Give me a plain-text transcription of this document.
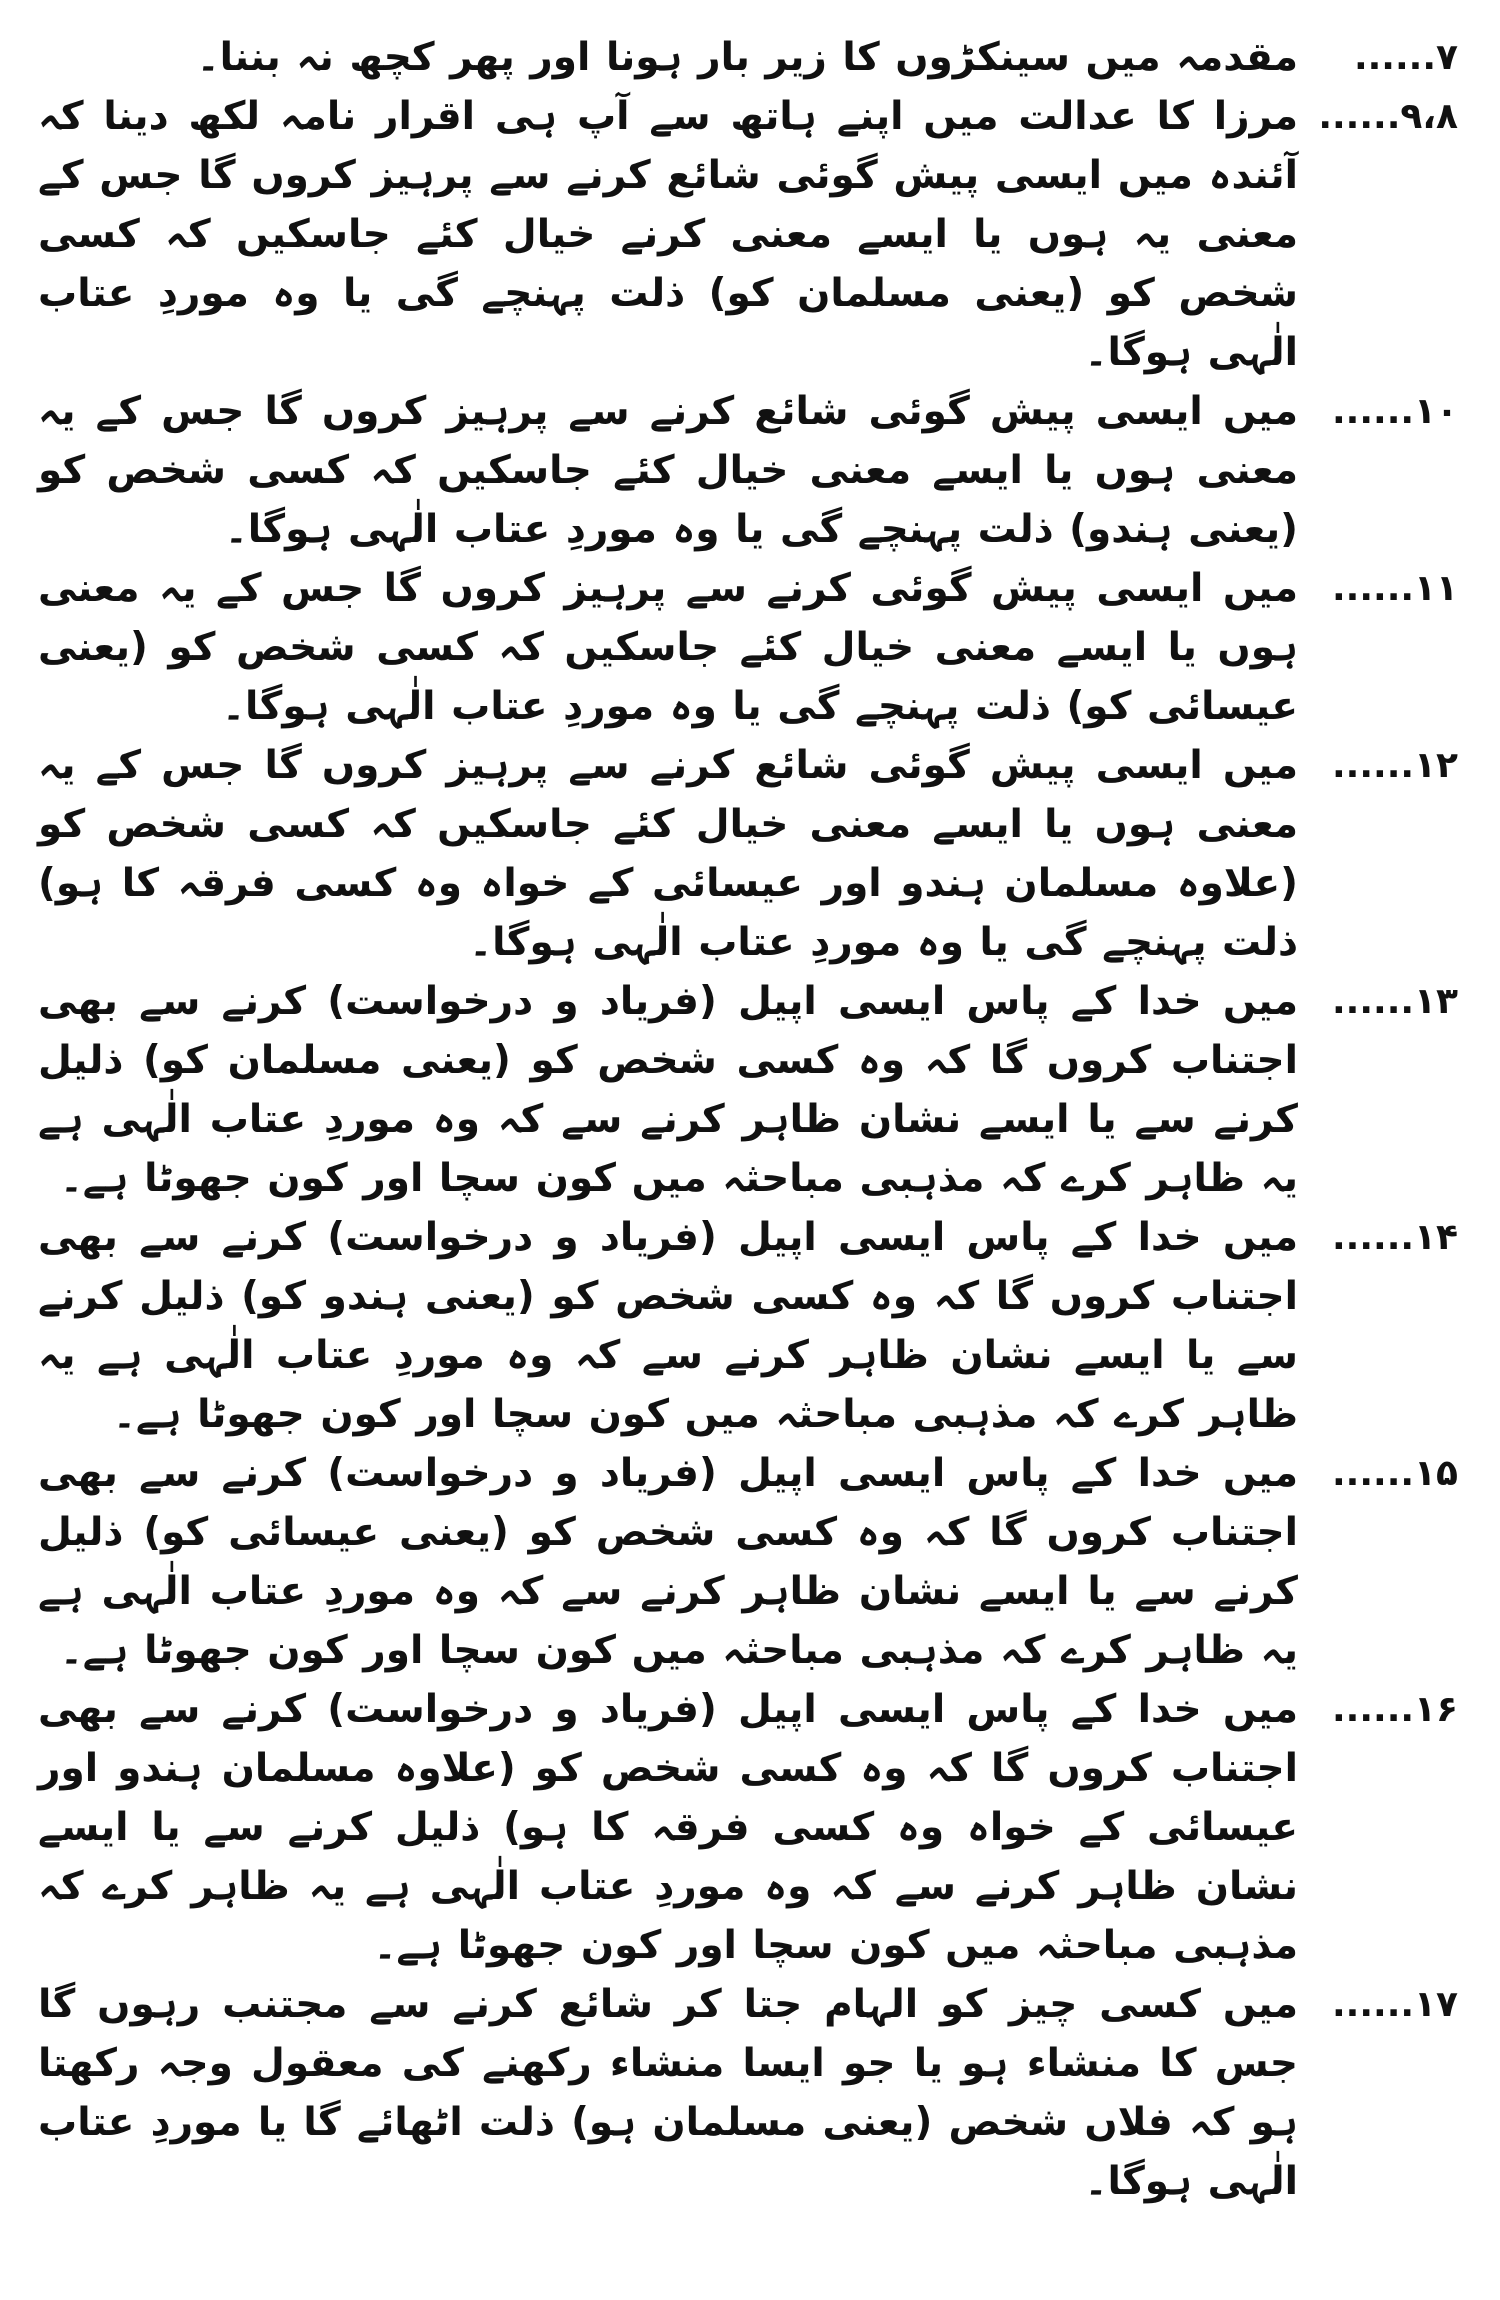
مقدمہ میں سینکڑوں کا زیر بار ہونا اور پھر کچھ نہ بننا۔	۷......
مرزا کا عدالت میں اپنے ہاتھ سے آپ ہی اقرار نامہ لکھ دینا کہ آئندہ میں ایسی پیش گوئی شائع کرنے سے پرہیز کروں گا جس کے معنی یہ ہوں یا ایسے معنی کرنے خیال کئے جاسکیں کہ کسی شخص کو (یعنی مسلمان کو) ذلت پہنچے گی یا وہ موردِ عتاب الٰہی ہوگا۔
۹،۸......
میں ایسی پیش گوئی شائع کرنے سے پرہیز کروں گا جس کے یہ معنی ہوں یا ایسے معنی خیال کئے جاسکیں کہ کسی شخص کو (یعنی ہندو) ذلت پہنچے گی یا وہ موردِ عتاب الٰہی ہوگا۔
۱۰......
میں ایسی پیش گوئی کرنے سے پرہیز کروں گا جس کے یہ معنی ہوں یا ایسے معنی خیال کئے جاسکیں کہ کسی شخص کو (یعنی عیسائی کو) ذلت پہنچے گی یا وہ موردِ عتاب الٰہی ہوگا۔
۱۱......
میں ایسی پیش گوئی شائع کرنے سے پرہیز کروں گا جس کے یہ معنی ہوں یا ایسے معنی خیال کئے جاسکیں کہ کسی شخص کو (علاوہ مسلمان ہندو اور عیسائی کے خواہ وہ کسی فرقہ کا ہو) ذلت پہنچے گی یا وہ موردِ عتاب الٰہی ہوگا۔
۱۲......
میں خدا کے پاس ایسی اپیل (فریاد و درخواست) کرنے سے بھی اجتناب کروں گا کہ وہ کسی شخص کو (یعنی مسلمان کو) ذلیل کرنے سے یا ایسے نشان ظاہر کرنے سے کہ وہ موردِ عتاب الٰہی ہے یہ ظاہر کرے کہ مذہبی مباحثہ میں کون سچا اور کون جھوٹا ہے۔
۱۳......
میں خدا کے پاس ایسی اپیل (فریاد و درخواست) کرنے سے بھی اجتناب کروں گا کہ وہ کسی شخص کو (یعنی ہندو کو) ذلیل کرنے سے یا ایسے نشان ظاہر کرنے سے کہ وہ موردِ عتاب الٰہی ہے یہ ظاہر کرے کہ مذہبی مباحثہ میں کون سچا اور کون جھوٹا ہے۔
۱۴......
میں خدا کے پاس ایسی اپیل (فریاد و درخواست) کرنے سے بھی اجتناب کروں گا کہ وہ کسی شخص کو (یعنی عیسائی کو) ذلیل کرنے سے یا ایسے نشان ظاہر کرنے سے کہ وہ موردِ عتاب الٰہی ہے یہ ظاہر کرے کہ مذہبی مباحثہ میں کون سچا اور کون جھوٹا ہے۔
۱۵......
میں خدا کے پاس ایسی اپیل (فریاد و درخواست) کرنے سے بھی اجتناب کروں گا کہ وہ کسی شخص کو (علاوہ مسلمان ہندو اور عیسائی کے خواہ وہ کسی فرقہ کا ہو) ذلیل کرنے سے یا ایسے نشان ظاہر کرنے سے کہ وہ موردِ عتاب الٰہی ہے یہ ظاہر کرے کہ مذہبی مباحثہ میں کون سچا اور کون جھوٹا ہے۔
۱۶......
میں کسی چیز کو الہام جتا کر شائع کرنے سے مجتنب رہوں گا جس کا منشاء ہو یا جو ایسا منشاء رکھنے کی معقول وجہ رکھتا ہو کہ فلاں شخص (یعنی مسلمان ہو) ذلت اٹھائے گا یا موردِ عتاب الٰہی ہوگا۔
۱۷......
